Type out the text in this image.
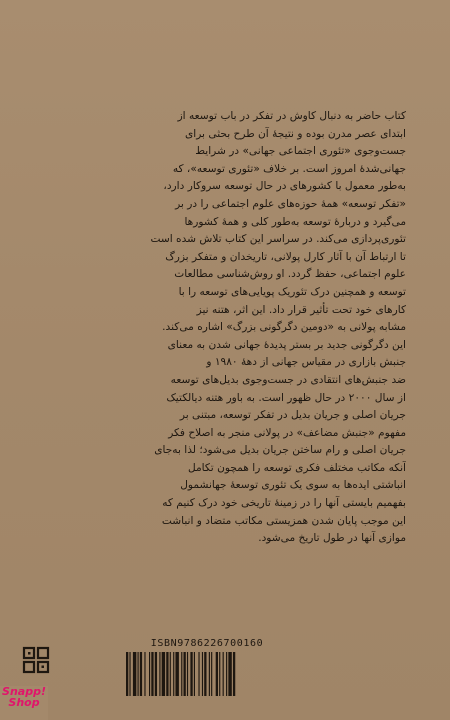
کتاب حاضر به دنبال کاوش در تفکر در باب توسعه از
ابتدای عصر مدرن بوده و نتیجهٔ آن طرح بحثی برای
جست‌وجوی «تئوری اجتماعی جهانی» در شرایط
جهانی‌شدهٔ امروز است. بر خلاف «تئوری توسعه»، که
به‌طور معمول با کشورهای در حال توسعه سروکار دارد،
«تفکر توسعه» همهٔ حوزه‌های علوم اجتماعی را در بر
می‌گیرد و دربارهٔ توسعه به‌طور کلی و همهٔ کشورها
تئوری‌پردازی می‌کند. در سراسر این کتاب تلاش شده است
تا ارتباط آن با آثار کارل پولانی، تاریخدان و متفکر بزرگ
علوم اجتماعی، حفظ گردد. او روش‌شناسی مطالعات
توسعه و همچنین درک تئوریک پویایی‌های توسعه را با
کارهای خود تحت تأثیر قرار داد. این اثر، هتنه نیز
مشابه پولانی به «دومین دگرگونی بزرگ» اشاره می‌کند.
این دگرگونی جدید بر بستر پدیدهٔ جهانی شدن به معنای
جنبش بازاری در مقیاس جهانی از دههٔ ۱۹۸۰ و
ضد جنبش‌های انتقادی در جست‌وجوی بدیل‌های توسعه
از سال ۲۰۰۰ در حال ظهور است. به باور هتنه دیالکتیک
جریان اصلی و جریان بدیل در تفکر توسعه، مبتنی بر
مفهوم «جنبش مضاعف» در پولانی منجر به اصلاح فکر
جریان اصلی و رام ساختن جریان بدیل می‌شود؛ لذا به‌جای
آنکه مکاتب مختلف فکری توسعه را همچون تکامل
انباشتی ایده‌ها به سوی یک تئوری توسعهٔ جهانشمول
بفهمیم بایستی آنها را در زمینهٔ تاریخی خود درک کنیم که
این موجب پایان شدن همزیستی مکاتب متضاد و انباشت
موازی آنها در طول تاریخ می‌شود.
ISBN9786226700160
Snapp! Shop
